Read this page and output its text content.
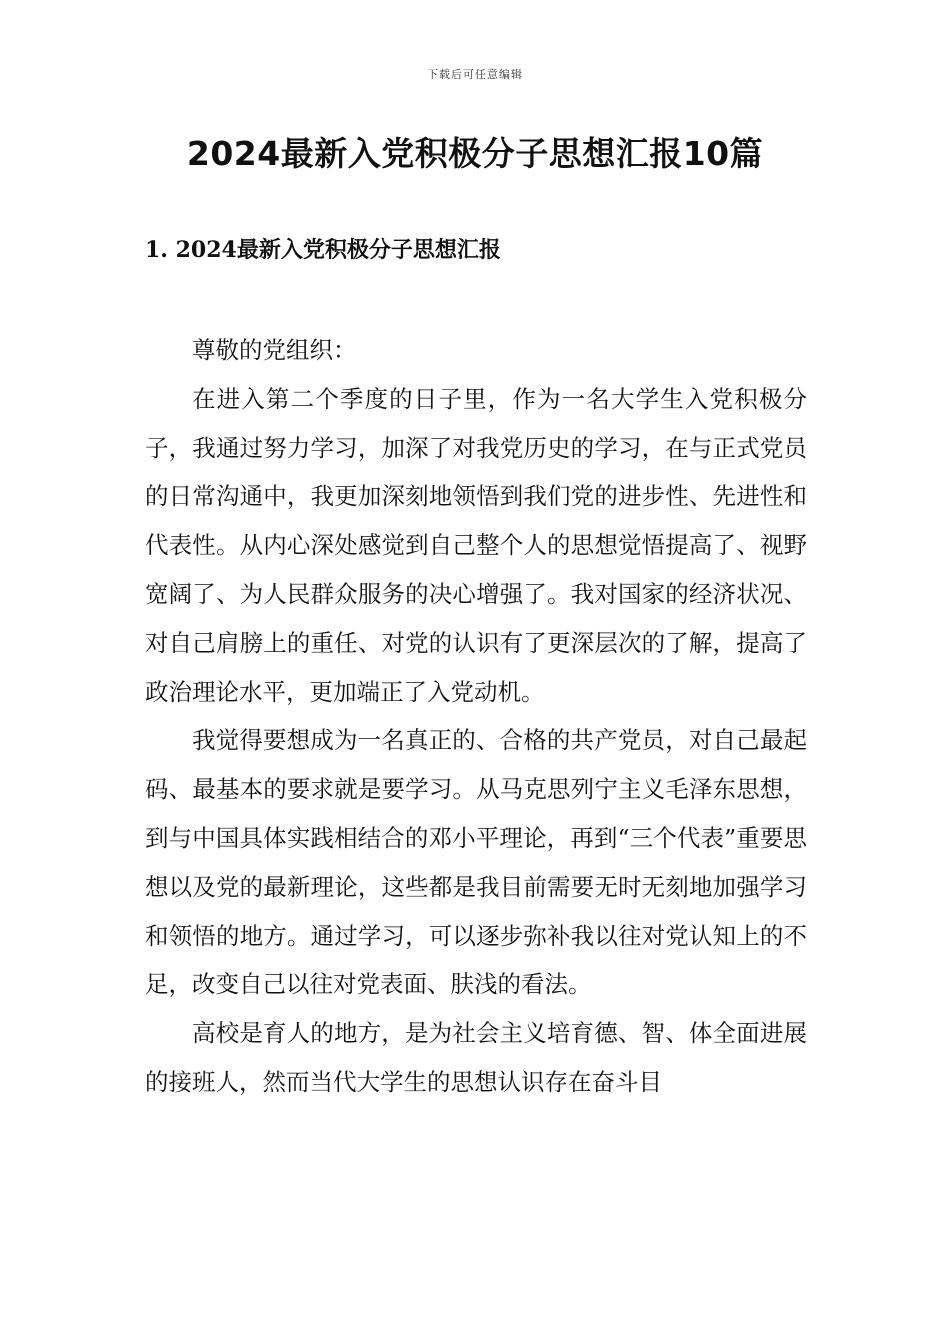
下载后可任意编辑
2024最新入党积极分子思想汇报10篇
1. 2024最新入党积极分子思想汇报

尊敬的党组织：

在进入第二个季度的日子里，作为一名大学生入党积极分子，我通过努力学习，加深了对我党历史的学习，在与正式党员的日常沟通中，我更加深刻地领悟到我们党的进步性、先进性和代表性。从内心深处感觉到自己整个人的思想觉悟提高了、视野宽阔了、为人民群众服务的决心增强了。我对国家的经济状况、对自己肩膀上的重任、对党的认识有了更深层次的了解，提高了政治理论水平，更加端正了入党动机。

我觉得要想成为一名真正的、合格的共产党员，对自己最起码、最基本的要求就是要学习。从马克思列宁主义毛泽东思想，到与中国具体实践相结合的邓小平理论，再到“三个代表”重要思想以及党的最新理论，这些都是我目前需要无时无刻地加强学习和领悟的地方。通过学习，可以逐步弥补我以往对党认知上的不足，改变自己以往对党表面、肤浅的看法。

高校是育人的地方，是为社会主义培育德、智、体全面进展的接班人，然而当代大学生的思想认识存在奋斗目
